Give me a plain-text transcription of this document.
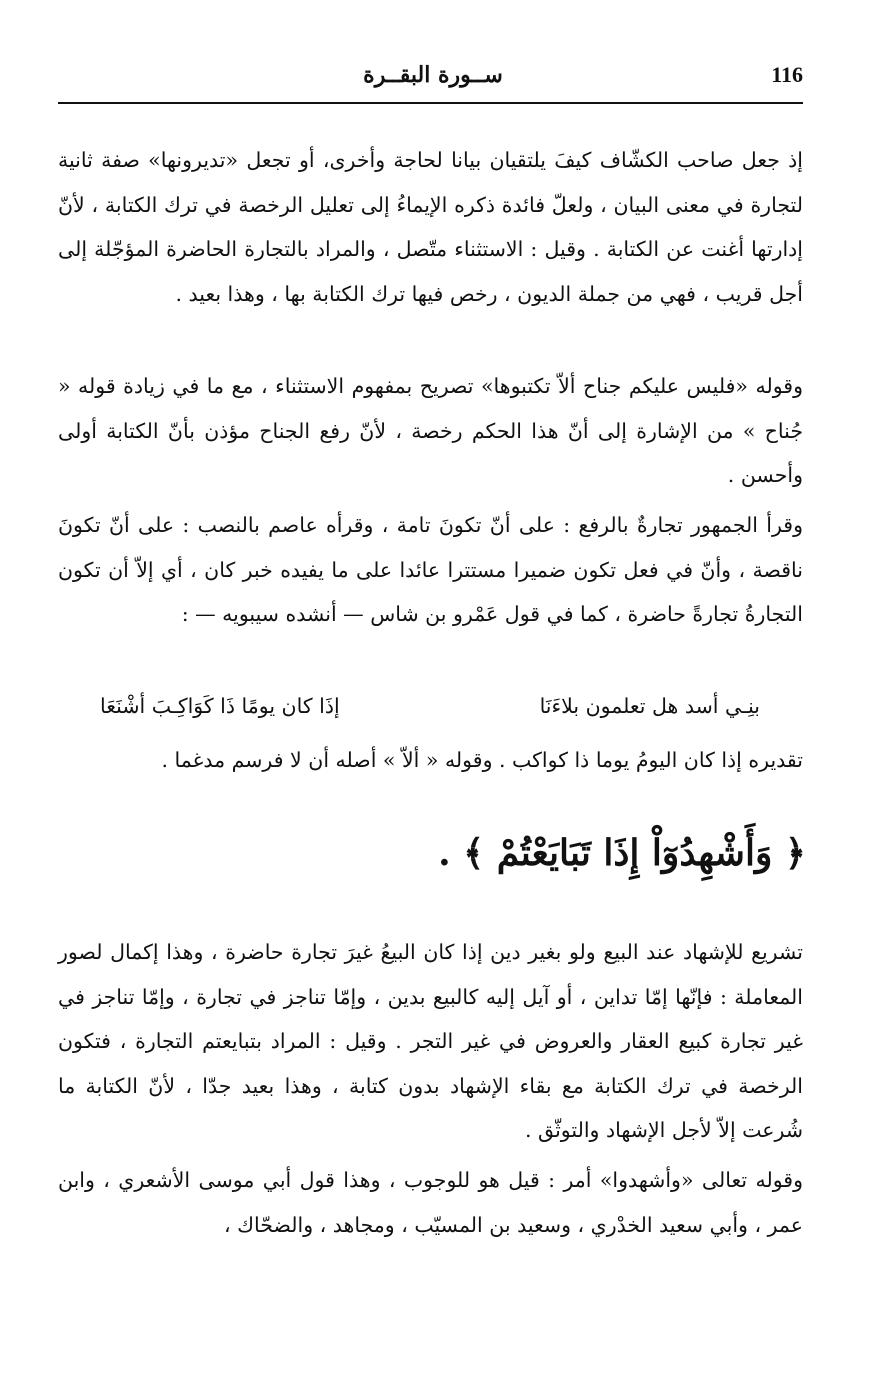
116
ســورة البقــرة
إذ جعل صاحب الكشّاف كيفَ يلتقيان بيانا لحاجة وأخرى، أو تجعل «تديرونها» صفة ثانية لتجارة في معنى البيان ، ولعلّ فائدة ذكره الإيماءُ إلى تعليل الرخصة في ترك الكتابة ، لأنّ إدارتها أغنت عن الكتابة . وقيل : الاستثناء متّصل ، والمراد بالتجارة الحاضرة المؤجّلة إلى أجل قريب ، فهي من جملة الديون ، رخص فيها ترك الكتابة بها ، وهذا بعيد .
وقوله «فليس عليكم جناح ألاّ تكتبوها» تصريح بمفهوم الاستثناء ، مع ما في زيادة قوله « جُناح » من الإشارة إلى أنّ هذا الحكم رخصة ، لأنّ رفع الجناح مؤذن بأنّ الكتابة أولى وأحسن .
وقرأ الجمهور تجارةٌ بالرفع : على أنّ تكونَ تامة ، وقرأه عاصم بالنصب : على أنّ تكونَ ناقصة ، وأنّ في فعل تكون ضميرا مستترا عائدا على ما يفيده خبر كان ، أي إلاّ أن تكون التجارةُ تجارةً حاضرة ، كما في قول عَمْرو بن شاس — أنشده سيبويه — :
بنِـي أسد هل تعلمون بلاءَنَا
إذَا كان يومًا ذَا كَوَاكِـبَ أشْنَعَا
تقديره إذا كان اليومُ يوما ذا كواكب . وقوله « ألاّ » أصله أن لا فرسم مدغما .
﴿ وَأَشْهِدُوٓاْ إِذَا تَبَايَعْتُمْ ﴾ .
تشريع للإشهاد عند البيع ولو بغير دين إذا كان البيعُ غيرَ تجارة حاضرة ، وهذا إكمال لصور المعاملة : فإنّها إمّا تداين ، أو آيل إليه كالبيع بدين ، وإمّا تناجز في تجارة ، وإمّا تناجز في غير تجارة كبيع العقار والعروض في غير التجر . وقيل : المراد بتبايعتم التجارة ، فتكون الرخصة في ترك الكتابة مع بقاء الإشهاد بدون كتابة ، وهذا بعيد جدّا ، لأنّ الكتابة ما شُرعت إلاّ لأجل الإشهاد والتوثّق .
وقوله تعالى «وأشهدوا» أمر : قيل هو للوجوب ، وهذا قول أبي موسى الأشعري ، وابن عمر ، وأبي سعيد الخدْري ، وسعيد بن المسيّب ، ومجاهد ، والضحّاك ،
